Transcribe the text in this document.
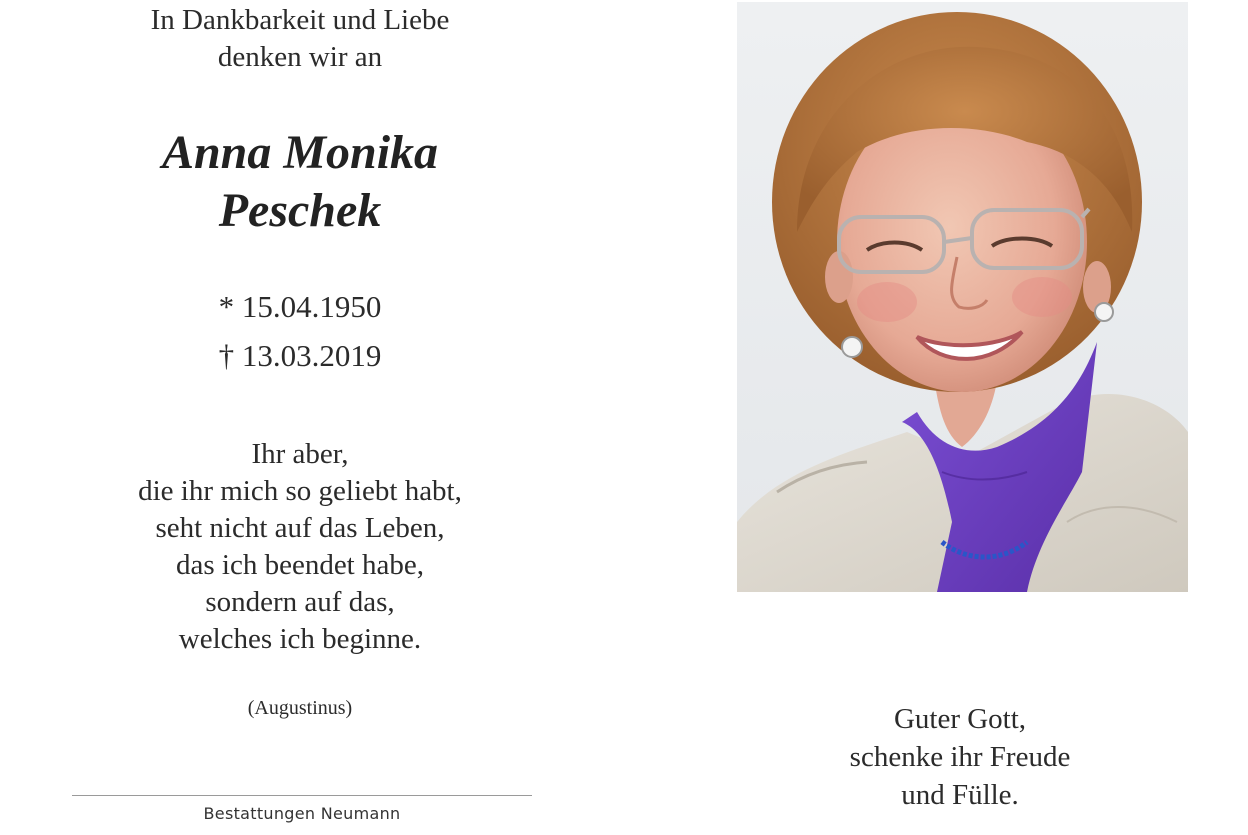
In Dankbarkeit und Liebe
denken wir an
Anna Monika
Peschek
* 15.04.1950
† 13.03.2019
Ihr aber,
die ihr mich so geliebt habt,
seht nicht auf das Leben,
das ich beendet habe,
sondern auf das,
welches ich beginne.
(Augustinus)
Bestattungen Neumann
Guter Gott,
schenke ihr Freude
und Fülle.
